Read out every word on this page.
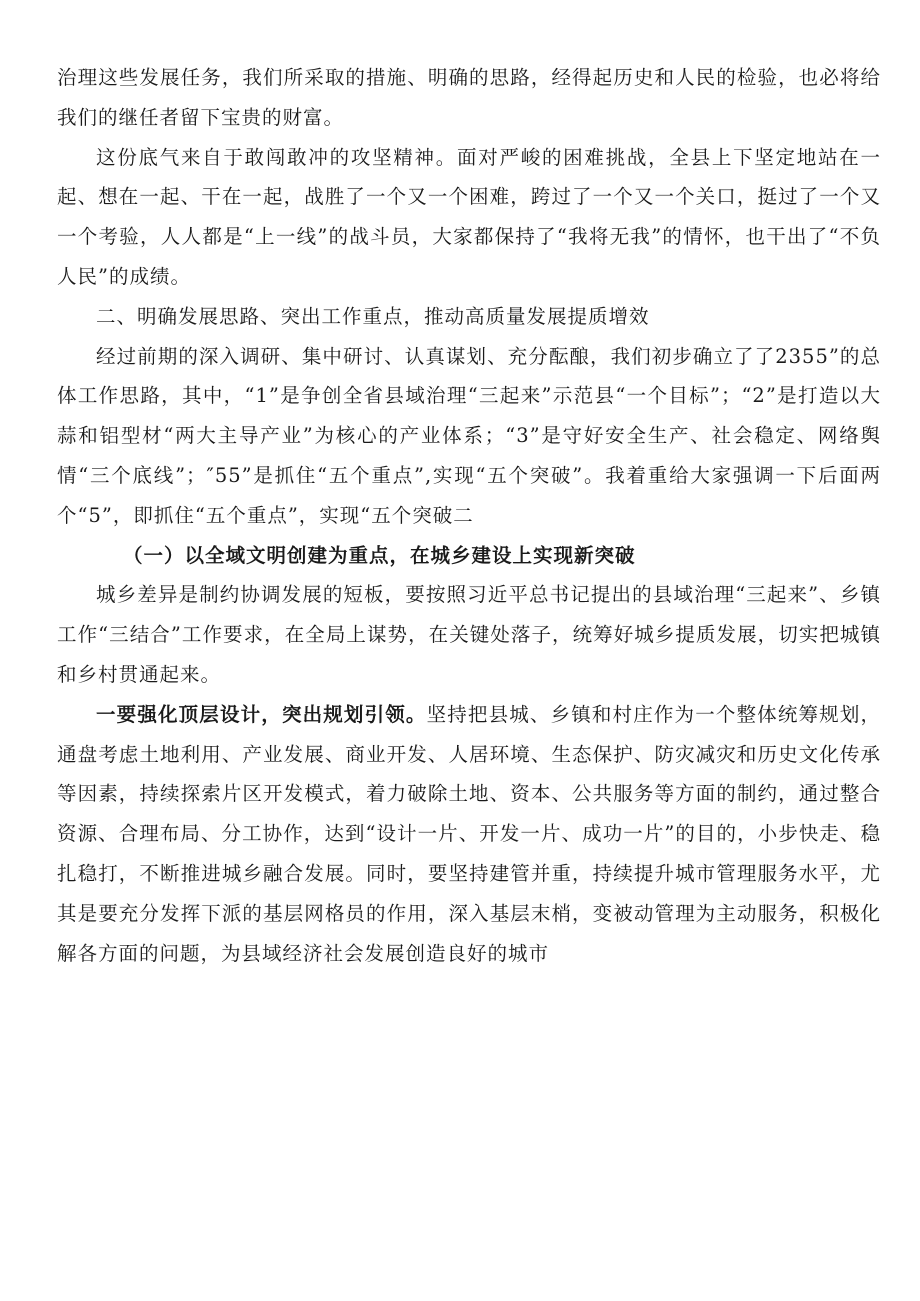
治理这些发展任务，我们所采取的措施、明确的思路，经得起历史和人民的检验，也必将给我们的继任者留下宝贵的财富。

这份底气来自于敢闯敢冲的攻坚精神。面对严峻的困难挑战，全县上下坚定地站在一起、想在一起、干在一起，战胜了一个又一个困难，跨过了一个又一个关口，挺过了一个又一个考验，人人都是“上一线”的战斗员，大家都保持了“我将无我”的情怀，也干出了“不负人民”的成绩。

二、明确发展思路、突出工作重点，推动高质量发展提质增效

经过前期的深入调研、集中研讨、认真谋划、充分酝酿，我们初步确立了了2355”的总体工作思路，其中，“1”是争创全省县域治理“三起来”示范县“一个目标”；“2”是打造以大蒜和铝型材“两大主导产业”为核心的产业体系；“3”是守好安全生产、社会稳定、网络舆情“三个底线”；″55”是抓住“五个重点”,实现“五个突破”。我着重给大家强调一下后面两个“5”，即抓住“五个重点”，实现“五个突破二

（一）以全域文明创建为重点，在城乡建设上实现新突破

城乡差异是制约协调发展的短板，要按照习近平总书记提出的县域治理“三起来”、乡镇工作“三结合”工作要求，在全局上谋势，在关键处落子，统筹好城乡提质发展，切实把城镇和乡村贯通起来。

一要强化顶层设计，突出规划引领。坚持把县城、乡镇和村庄作为一个整体统筹规划，通盘考虑土地利用、产业发展、商业开发、人居环境、生态保护、防灾减灾和历史文化传承等因素，持续探索片区开发模式，着力破除土地、资本、公共服务等方面的制约，通过整合资源、合理布局、分工协作，达到“设计一片、开发一片、成功一片”的目的，小步快走、稳扎稳打，不断推进城乡融合发展。同时，要坚持建管并重，持续提升城市管理服务水平，尤其是要充分发挥下派的基层网格员的作用，深入基层末梢，变被动管理为主动服务，积极化解各方面的问题，为县域经济社会发展创造良好的城市
